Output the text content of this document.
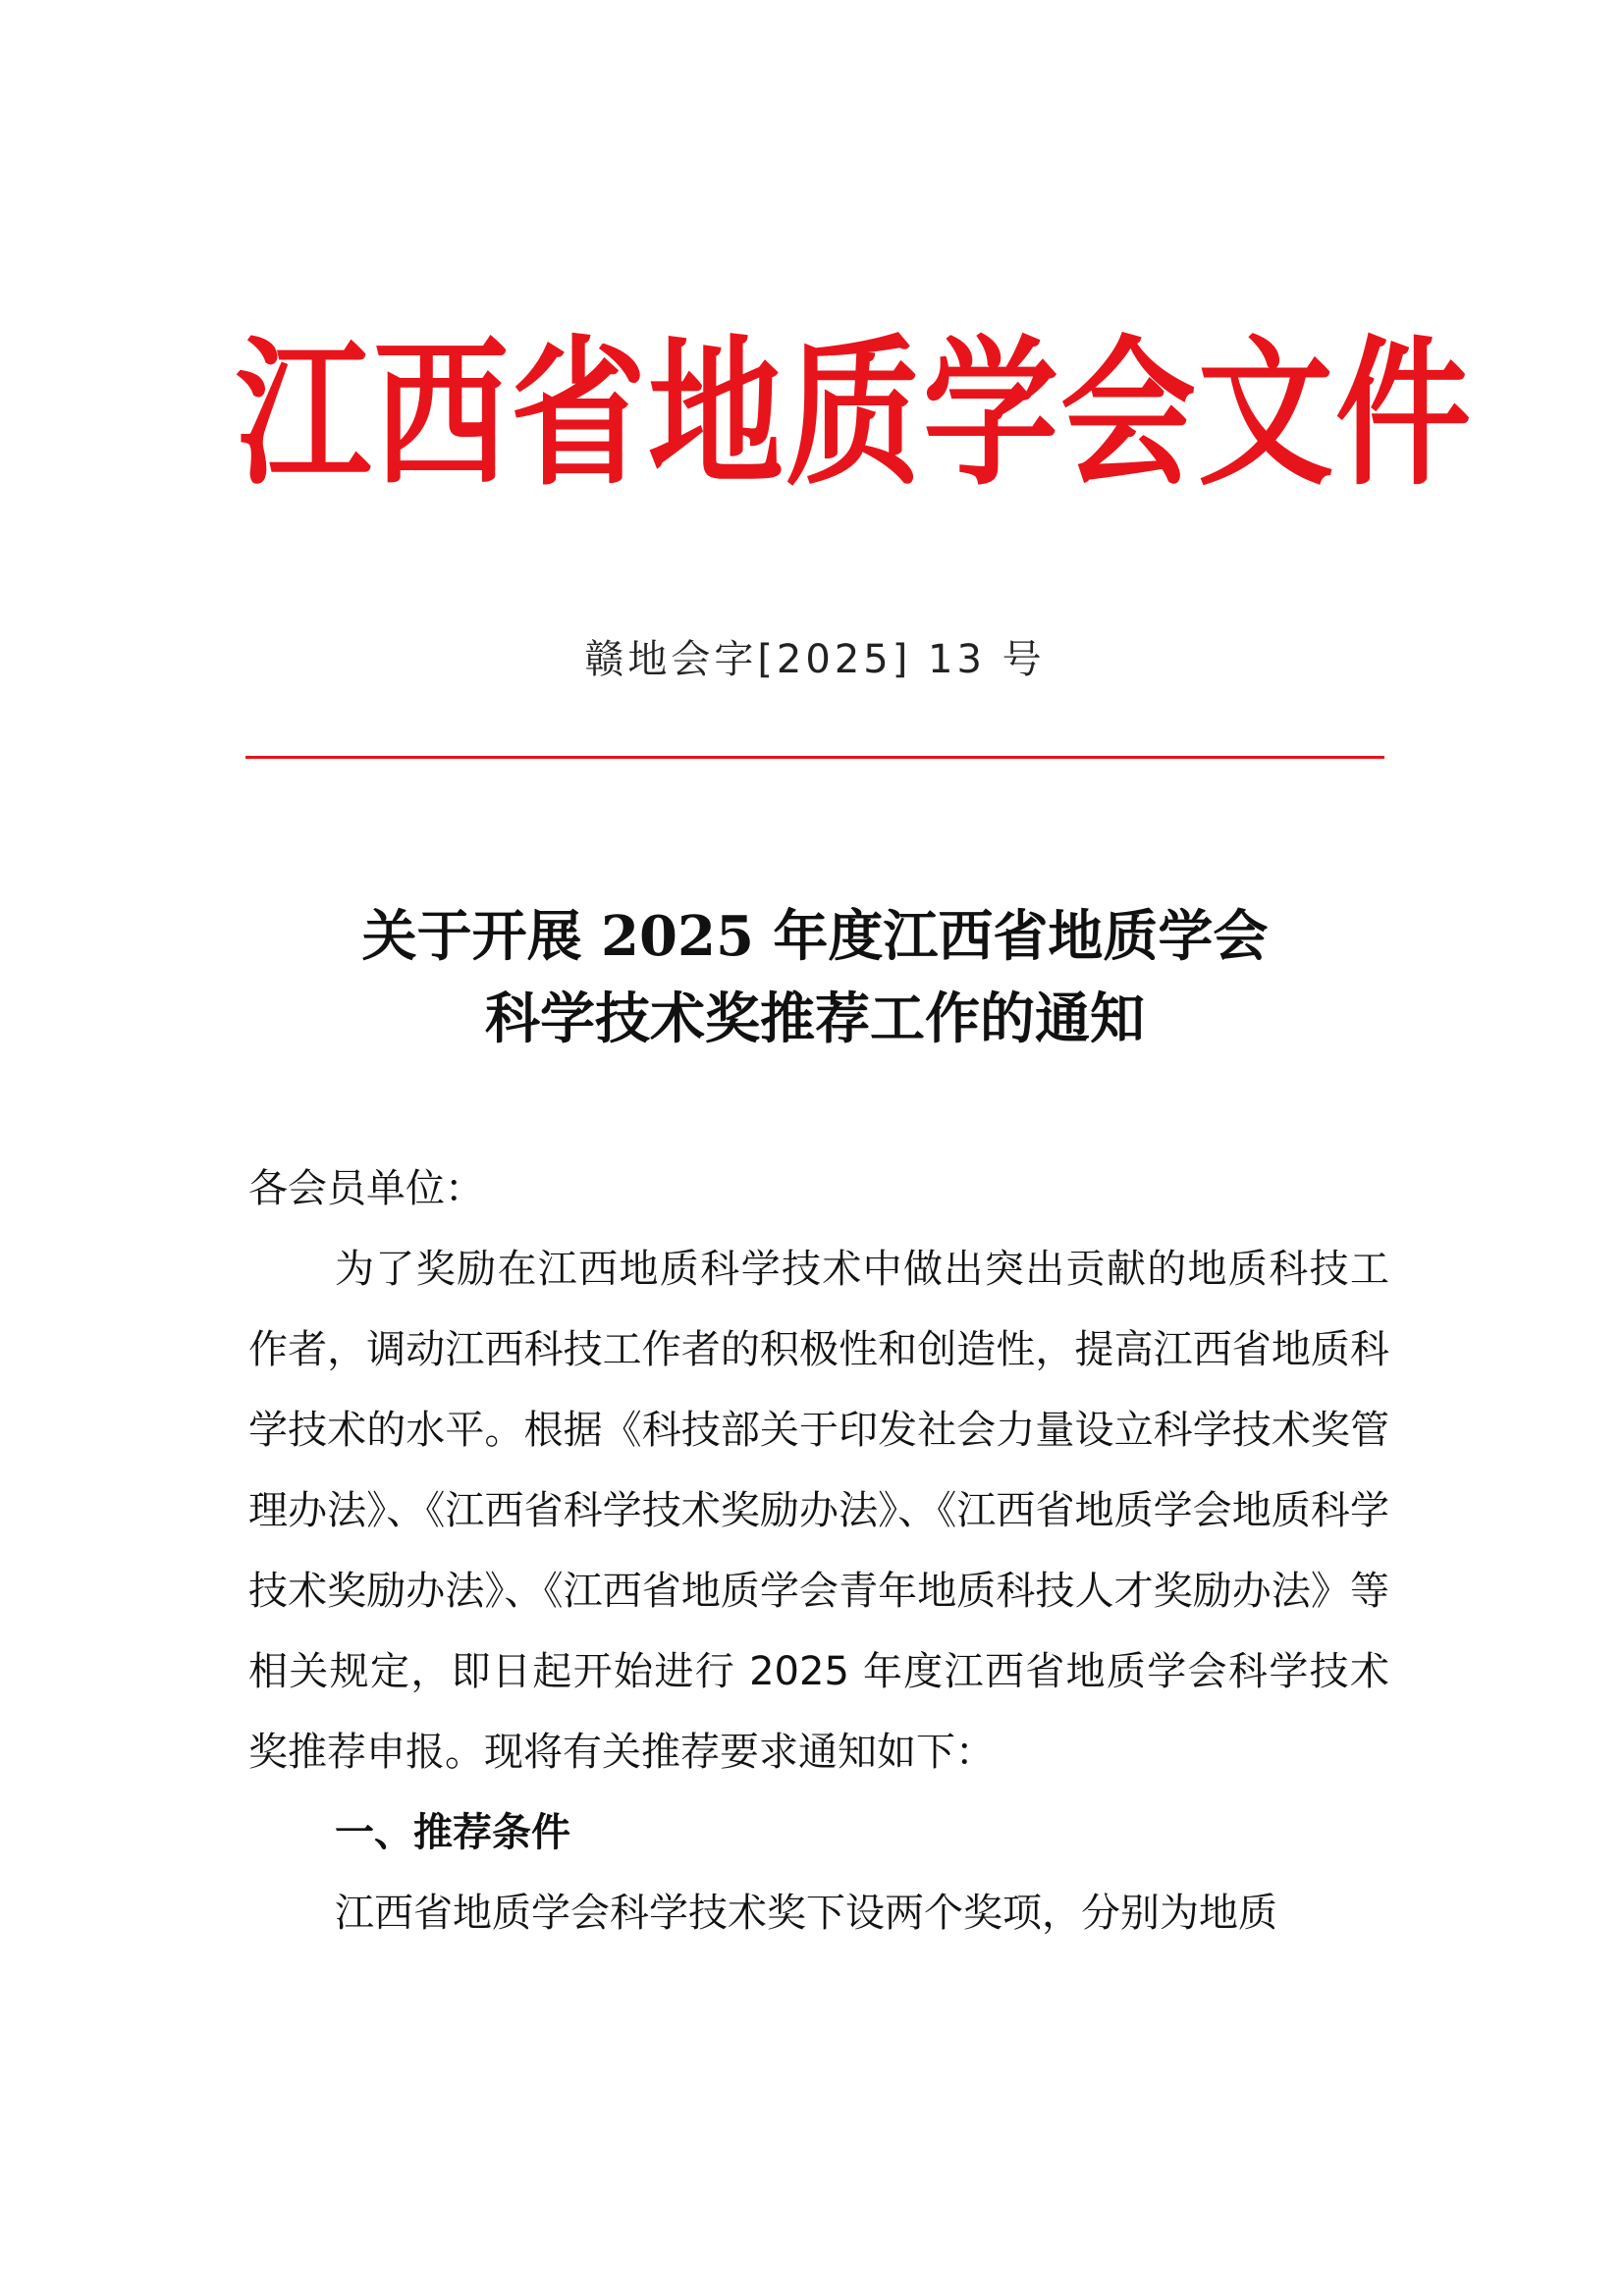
江西省地质学会文件
赣地会字[2025] 13 号
关于开展 2025 年度江西省地质学会
科学技术奖推荐工作的通知

各会员单位：

为了奖励在江西地质科学技术中做出突出贡献的地质科技工作者，调动江西科技工作者的积极性和创造性，提高江西省地质科学技术的水平。根据《科技部关于印发社会力量设立科学技术奖管理办法》、《江西省科学技术奖励办法》、《江西省地质学会地质科学技术奖励办法》、《江西省地质学会青年地质科技人才奖励办法》等相关规定，即日起开始进行 2025 年度江西省地质学会科学技术奖推荐申报。现将有关推荐要求通知如下：

一、推荐条件

江西省地质学会科学技术奖下设两个奖项，分别为地质
